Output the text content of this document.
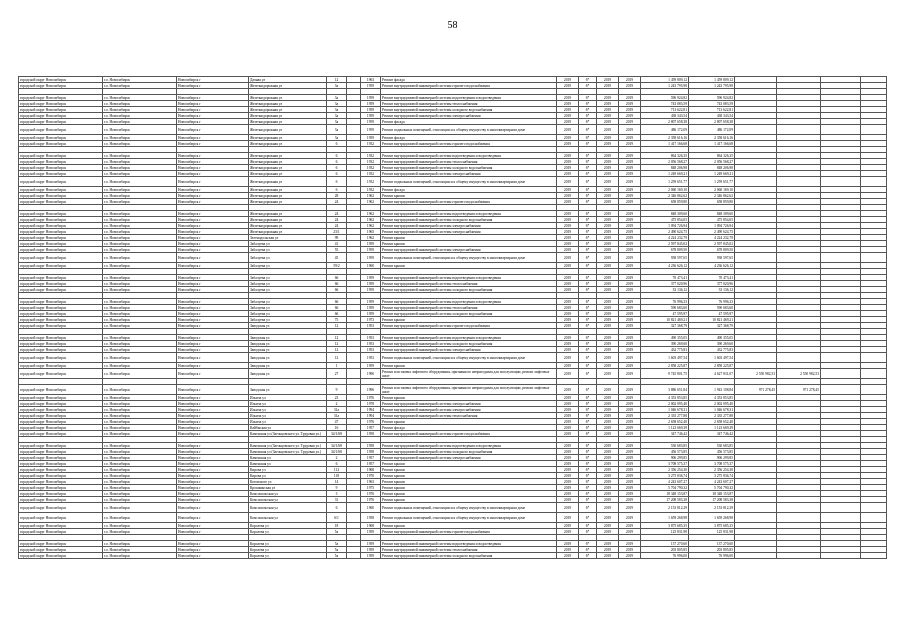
58
городской округ Новосибирск	г.о. Новосибирск	Новосибирск г	Дачная ул	12		1963	Ремонт фасада	2019	6*	2019	2019	1 459 809,12	1 459 809,12				
городской округ Новосибирск	г.о. Новосибирск	Новосибирск г	Железнодорожная ул	3а		1959	Ремонт внутридомовой инженерной системы горячего водоснабжения	2019	6*	2019	2019	1 243 795,98	1 243 795,98				

городской округ Новосибирск	г.о. Новосибирск	Новосибирск г	Железнодорожная ул	3а		1959	Ремонт внутридомовой инженерной системы водоотведения и водоотведения	2019	6*	2019	2019	596 924,82	596 924,82				
городской округ Новосибирск	г.о. Новосибирск	Новосибирск г	Железнодорожная ул	3а		1959	Ремонт внутридомовой инженерной системы теплоснабжения	2019	6*	2019	2019	743 083,59	743 083,59				
городской округ Новосибирск	г.о. Новосибирск	Новосибирск г	Железнодорожная ул	3а		1959	Ремонт внутридомовой инженерной системы холодного водоснабжения	2019	6*	2019	2019	713 622,81	713 622,81				
городской округ Новосибирск	г.о. Новосибирск	Новосибирск г	Железнодорожная ул	3а		1959	Ремонт внутридомовой инженерной системы электроснабжения	2019	6*	2019	2019	438 343,54	438 343,54				
городской округ Новосибирск	г.о. Новосибирск	Новосибирск г	Железнодорожная ул	3а		1959	Ремонт фасада	2019	6*	2019	2019	2 807 658,38	2 807 658,38				
городской округ Новосибирск	г.о. Новосибирск	Новосибирск г	Железнодорожная ул	3а		1959	Ремонт подвальных помещений, относящихся к общему имуществу в многоквартирном доме	2019	6*	2019	2019	486 172,09	486 172,09				
городской округ Новосибирск	г.о. Новосибирск	Новосибирск г	Железнодорожная ул	3а		1959	Ремонт фасада	2019	6*	2019	2019	2 358 616,16	2 358 616,16				
городской округ Новосибирск	г.о. Новосибирск	Новосибирск г	Железнодорожная ул	6		1932	Ремонт внутридомовой инженерной системы горячего водоснабжения	2019	6*	2019	2019	1 417 166,68	1 417 166,68				

городской округ Новосибирск	г.о. Новосибирск	Новосибирск г	Железнодорожная ул	6		1932	Ремонт внутридомовой инженерной системы водоотведения и водоотведения	2019	6*	2019	2019	864 326,35	864 326,35				
городской округ Новосибирск	г.о. Новосибирск	Новосибирск г	Железнодорожная ул	6		1932	Ремонт внутридомовой инженерной системы теплоснабжения	2019	6*	2019	2019	2 056 568,27	2 056 568,27				
городской округ Новосибирск	г.о. Новосибирск	Новосибирск г	Железнодорожная ул	6		1932	Ремонт внутридомовой инженерной системы холодного водоснабжения	2019	6*	2019	2019	848 206,98	848 206,98				
городской округ Новосибирск	г.о. Новосибирск	Новосибирск г	Железнодорожная ул	6		1932	Ремонт внутридомовой инженерной системы электроснабжения	2019	6*	2019	2019	1 249 669,21	1 249 669,21				
городской округ Новосибирск	г.о. Новосибирск	Новосибирск г	Железнодорожная ул	6		1932	Ремонт подвальных помещений, относящихся к общему имуществу в многоквартирном доме	2019	6*	2019	2019	1 259 651,77	1 259 651,77				
городской округ Новосибирск	г.о. Новосибирск	Новосибирск г	Железнодорожная ул	6		1932	Ремонт фасада	2019	6*	2019	2019	2 060 169,10	2 060 169,10				
городской округ Новосибирск	г.о. Новосибирск	Новосибирск г	Железнодорожная ул	28		1962	Ремонт крыши	2019	6*	2019	2019	2 346 862,62	2 346 862,62				
городской округ Новосибирск	г.о. Новосибирск	Новосибирск г	Железнодорожная ул	24		1962	Ремонт внутридомовой инженерной системы горячего водоснабжения	2019	6*	2019	2019	658 859,80	658 859,80				

городской округ Новосибирск	г.о. Новосибирск	Новосибирск г	Железнодорожная ул	24		1962	Ремонт внутридомовой инженерной системы водоотведения и водоотведения	2019	6*	2019	2019	848 309,60	848 309,60				
городской округ Новосибирск	г.о. Новосибирск	Новосибирск г	Железнодорожная ул	24		1962	Ремонт внутридомовой инженерной системы холодного водоснабжения	2019	6*	2019	2019	475 854,05	475 854,05				
городской округ Новосибирск	г.о. Новосибирск	Новосибирск г	Железнодорожная ул	24		1962	Ремонт внутридомовой инженерной системы электроснабжения	2019	6*	2019	2019	1 094 726,94	1 094 726,94				
городской округ Новосибирск	г.о. Новосибирск	Новосибирск г	Железнодорожная ул	23/1		1965	Ремонт внутридомовой инженерной системы электроснабжения	2019	6*	2019	2019	2 490 624,75	2 490 624,75				
городской округ Новосибирск	г.о. Новосибирск	Новосибирск г	Зеленодольская ул	99		1962	Ремонт крыши	2019	6*	2019	2019	4 224 232,79	4 224 232,79				
городской округ Новосибирск	г.о. Новосибирск	Новосибирск г	Забалуева ул	41		1959	Ремонт крыши	2019	6*	2019	2019	2 597 845,02	2 597 845,02				
городской округ Новосибирск	г.о. Новосибирск	Новосибирск г	Забалуева ул	55		1959	Ремонт внутридомовой инженерной системы электроснабжения	2019	6*	2019	2019	678 809,50	678 809,50				
городской округ Новосибирск	г.о. Новосибирск	Новосибирск г	Забалуева ул	45		1959	Ремонт подвальных помещений, относящихся к общему имуществу в многоквартирном доме	2019	6*	2019	2019	938 597,65	938 597,65				
городской округ Новосибирск	г.о. Новосибирск	Новосибирск г	Забалуева ул	59/2		1960	Ремонт крыши	2019	6*	2019	2019	4 236 626,12	4 236 626,12				

городской округ Новосибирск	г.о. Новосибирск	Новосибирск г	Забалуева ул	66		1959	Ремонт внутридомовой инженерной системы водоотведения и водоотведения	2019	6*	2019	2019	70 473,41	70 473,41				
городской округ Новосибирск	г.о. Новосибирск	Новосибирск г	Забалуева ул	66		1959	Ремонт внутридомовой инженерной системы теплоснабжения	2019	6*	2019	2019	377 020,96	377 020,96				
городской округ Новосибирск	г.о. Новосибирск	Новосибирск г	Забалуева ул	66		1959	Ремонт внутридомовой инженерной системы холодного водоснабжения	2019	6*	2019	2019	33 136,12	33 136,12				

городской округ Новосибирск	г.о. Новосибирск	Новосибирск г	Забалуева ул	66		1959	Ремонт внутридомовой инженерной системы водоотведения и водоотведения	2019	6*	2019	2019	76 996,33	76 996,33				
городской округ Новосибирск	г.о. Новосибирск	Новосибирск г	Забалуева ул	66		1959	Ремонт внутридомовой инженерной системы теплоснабжения	2019	6*	2019	2019	590 683,60	590 683,60				
городской округ Новосибирск	г.о. Новосибирск	Новосибирск г	Забалуева ул	66		1959	Ремонт внутридомовой инженерной системы холодного водоснабжения	2019	6*	2019	2019	47 595,97	47 595,97				
городской округ Новосибирск	г.о. Новосибирск	Новосибирск г	Забалуева ул	75		1973	Ремонт крыши	2019	6*	2019	2019	10 821 469,21	10 821 469,21				
городской округ Новосибирск	г.о. Новосибирск	Новосибирск г	Заводская ул	12		1953	Ремонт внутридомовой инженерной системы горячего водоснабжения	2019	6*	2019	2019	327 368,79	327 368,79				

городской округ Новосибирск	г.о. Новосибирск	Новосибирск г	Заводская ул	12		1953	Ремонт внутридомовой инженерной системы водоотведения и водоотведения	2019	6*	2019	2019	490 355,05	490 355,05				
городской округ Новосибирск	г.о. Новосибирск	Новосибирск г	Заводская ул	12		1953	Ремонт внутридомовой инженерной системы холодного водоснабжения	2019	6*	2019	2019	390 269,60	390 269,60				
городской округ Новосибирск	г.о. Новосибирск	Новосибирск г	Заводская ул	12		1953	Ремонт внутридомовой инженерной системы электроснабжения	2019	6*	2019	2019	432 775,83	432 775,83				
городской округ Новосибирск	г.о. Новосибирск	Новосибирск г	Заводская ул	12		1953	Ремонт подвальных помещений, относящихся к общему имуществу в многоквартирном доме	2019	6*	2019	2019	1 603 497,54	1 603 497,54				
городской округ Новосибирск	г.о. Новосибирск	Новосибирск г	Заводская ул	1		1959	Ремонт крыши	2019	6*	2019	2019	2 858 225,87	2 858 225,87				
городской округ Новосибирск	г.о. Новосибирск	Новосибирск г	Заводская ул	27		1990	Ремонт или замена лифтового оборудования, признанного непригодным для эксплуатации, ремонт лифтовых шахт	2019	6*	2019	2019	9 745 801,75	4 627 831,07	2 550 982,53	2 550 982,53		

городской округ Новосибирск	г.о. Новосибирск	Новосибирск г	Заводская ул	9		1996	Ремонт или замена лифтового оборудования, признанного непригодным для эксплуатации, ремонт лифтовых шахт	2019	6*	2019	2019	3 886 651,84	1 943 108,84	971 278,45	971 278,45		
городской округ Новосибирск	г.о. Новосибирск	Новосибирск г	Ильича ул	23		1976	Ремонт крыши	2019	6*	2019	2019	4 353 853,85	4 353 853,85				
городской округ Новосибирск	г.о. Новосибирск	Новосибирск г	Ильича ул	2		1978	Ремонт внутридомовой инженерной системы электроснабжения	2019	6*	2019	2019	2 002 095,40	2 002 095,40				
городской округ Новосибирск	г.о. Новосибирск	Новосибирск г	Ильича ул	31а		1994	Ремонт внутридомовой инженерной системы электроснабжения	2019	6*	2019	2019	1 046 678,31	1 046 678,31				
городской округ Новосибирск	г.о. Новосибирск	Новосибирск г	Ильича ул	31а		1994	Ремонт внутридомовой инженерной системы теплоснабжения	2019	6*	2019	2019	2 335 277,88	2 335 277,88				
городской округ Новосибирск	г.о. Новосибирск	Новосибирск г	Ильича ул	47		1976	Ремонт крыши	2019	6*	2019	2019	2 658 652,40	2 658 652,40				
городской округ Новосибирск	г.о. Новосибирск	Новосибирск г	Кайбыская ул	16		1957	Ремонт фасада	2019	6*	2019	2019	1 123 669,39	1 123 669,39				
городской округ Новосибирск	г.о. Новосибирск	Новосибирск г	Каменская ул (Заельцовского ул. Трудовая ул.)	34/1/68		1958	Ремонт внутридомовой инженерной системы горячего водоснабжения	2019	6*	2019	2019	347 746,42	347 746,42				

городской округ Новосибирск	г.о. Новосибирск	Новосибирск г	Каменская ул (Заельцовского ул. Трудовая ул.)	34/1/68		1958	Ремонт внутридомовой инженерной системы водоотведения и водоотведения	2019	6*	2019	2019	530 683,85	530 683,85				
городской округ Новосибирск	г.о. Новосибирск	Новосибирск г	Каменская ул (Заельцовского ул. Трудовая ул.)	34/1/68		1958	Ремонт внутридомовой инженерной системы холодного водоснабжения	2019	6*	2019	2019	456 573,85	456 573,85				
городской округ Новосибирск	г.о. Новосибирск	Новосибирск г	Каменская ул	2		1957	Ремонт внутридомовой инженерной системы электроснабжения	2019	6*	2019	2019	906 299,85	906 299,85				
городской округ Новосибирск	г.о. Новосибирск	Новосибирск г	Каменская ул	6		1957	Ремонт крыши	2019	6*	2019	2019	3 708 575,37	3 708 575,37				
городской округ Новосибирск	г.о. Новосибирск	Новосибирск г	Кирова ул	112		1968	Ремонт крыши	2019	6*	2019	2019	2 356 254,30	2 356 254,30				
городской округ Новосибирск	г.о. Новосибирск	Новосибирск г	Кирова ул	118		1970	Ремонт крыши	2019	6*	2019	2019	3 275 836,74	3 275 836,74				
городской округ Новосибирск	г.о. Новосибирск	Новосибирск г	Котовского ул	14		1963	Ремонт крыши	2019	6*	2019	2019	4 243 607,27	4 243 607,27				
городской округ Новосибирск	г.о. Новосибирск	Новосибирск г	Крошкинская ул	9		1975	Ремонт крыши	2019	6*	2019	2019	5 704 790,32	5 704 790,32				
городской округ Новосибирск	г.о. Новосибирск	Новосибирск г	Комсомольская ул	3		1976	Ремонт крыши	2019	6*	2019	2019	18 348 153,87	18 348 153,87				
городской округ Новосибирск	г.о. Новосибирск	Новосибирск г	Комсомольская ул	31		1976	Ремонт крыши	2019	6*	2019	2019	17 208 583,38	17 208 583,38				
городской округ Новосибирск	г.о. Новосибирск	Новосибирск г	Комсомольская ул	6		1960	Ремонт подвальных помещений, относящихся к общему имуществу в многоквартирном доме	2019	6*	2019	2019	2 153 812,29	2 153 812,29				
городской округ Новосибирск	г.о. Новосибирск	Новосибирск г	Комсомольская ул	6/1		1958	Ремонт подвальных помещений, относящихся к общему имуществу в многоквартирном доме	2019	6*	2019	2019	1 659 268,98	1 659 268,98				
городской округ Новосибирск	г.о. Новосибирск	Новосибирск г	Королева ул	18		1968	Ремонт крыши	2019	6*	2019	2019	3 875 685,35	3 875 685,35				
городской округ Новосибирск	г.о. Новосибирск	Новосибирск г	Королева ул	5а		1959	Ремонт внутридомовой инженерной системы горячего водоснабжения	2019	6*	2019	2019	125 831,98	125 831,98				

городской округ Новосибирск	г.о. Новосибирск	Новосибирск г	Королева ул	5а		1959	Ремонт внутридомовой инженерной системы водоотведения и водоотведения	2019	6*	2019	2019	137 270,60	137 270,60				
городской округ Новосибирск	г.о. Новосибирск	Новосибирск г	Королева ул	5а		1959	Ремонт внутридомовой инженерной системы теплоснабжения	2019	6*	2019	2019	203 805,85	203 805,85				
городской округ Новосибирск	г.о. Новосибирск	Новосибирск г	Королева ул	5а		1959	Ремонт внутридомовой инженерной системы холодного водоснабжения	2019	6*	2019	2019	76 996,00	76 996,00				
